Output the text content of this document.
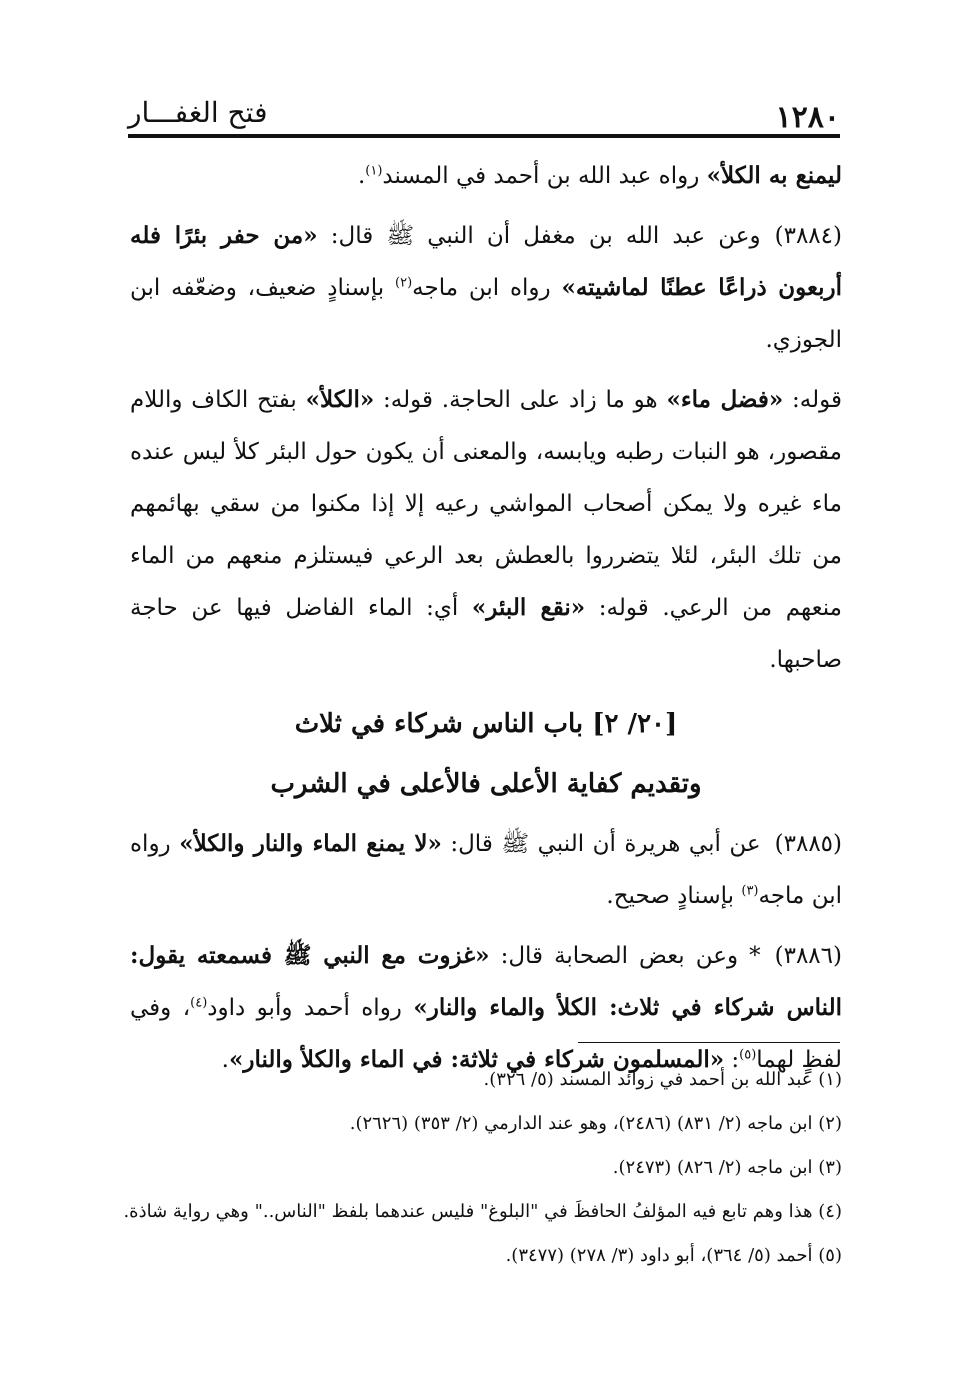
١٢٨٠
فتح الغفـــار

ليمنع به الكلأ» رواه عبد الله بن أحمد في المسند$^{(١)}$.

(٣٨٨٤)وعن عبد الله بن مغفل أن النبي ﷺ قال: «من حفر بئرًا فله أربعون ذراعًا عطنًا لماشيته» رواه ابن ماجه$^{(٢)}$ بإسنادٍ ضعيف، وضعّفه ابن الجوزي.

قوله: «فضل ماء» هو ما زاد على الحاجة. قوله: «الكلأ» بفتح الكاف واللام مقصور، هو النبات رطبه ويابسه، والمعنى أن يكون حول البئر كلأ ليس عنده ماء غيره ولا يمكن أصحاب المواشي رعيه إلا إذا مكنوا من سقي بهائمهم من تلك البئر، لئلا يتضرروا بالعطش بعد الرعي فيستلزم منعهم من الماء منعهم من الرعي. قوله: «نقع البئر» أي: الماء الفاضل فيها عن حاجة صاحبها.

[٢٠/ ٢] باب الناس شركاء في ثلاث
وتقديم كفاية الأعلى فالأعلى في الشرب

(٣٨٨٥)عن أبي هريرة أن النبي ﷺ قال: «لا يمنع الماء والنار والكلأ» رواه ابن ماجه$^{(٣)}$ بإسنادٍ صحيح.

(٣٨٨٦)* وعن بعض الصحابة قال: «غزوت مع النبي ﷺ فسمعته يقول: الناس شركاء في ثلاث: الكلأ والماء والنار» رواه أحمد وأبو داود$^{(٤)}$، وفي لفظٍ لهما$^{(٥)}$: «المسلمون شركاء في ثلاثة: في الماء والكلأ والنار».

(١) عبد الله بن أحمد في زوائد المسند (٥/ ٣٢٦).
(٢) ابن ماجه (٢/ ٨٣١) (٢٤٨٦)، وهو عند الدارمي (٢/ ٣٥٣) (٢٦٢٦).
(٣) ابن ماجه (٢/ ٨٢٦) (٢٤٧٣).
(٤) هذا وهم تابع فيه المؤلفُ الحافظَ في "البلوغ" فليس عندهما بلفظ "الناس.." وهي رواية شاذة.
(٥) أحمد (٥/ ٣٦٤)، أبو داود (٣/ ٢٧٨) (٣٤٧٧).
